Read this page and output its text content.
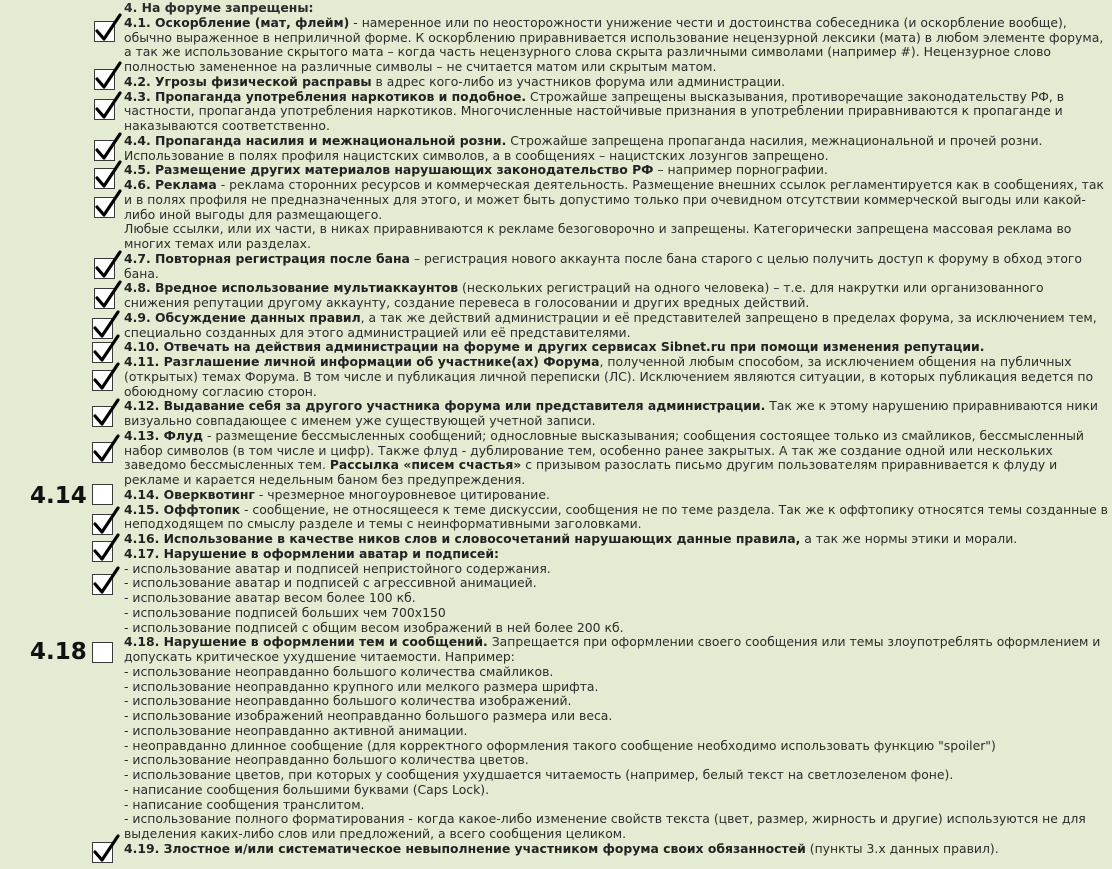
4. На форуме запрещены:

4.1. Оскорбление (мат, флейм) - намеренное или по неосторожности унижение чести и достоинства собеседника (и оскорбление вообще), обычно выраженное в неприличной форме. К оскорблению приравнивается использование нецензурной лексики (мата) в любом элементе форума, а так же использование скрытого мата – когда часть нецензурного слова скрыта различными символами (например #). Нецензурное слово полностью замененное на различные символы – не считается матом или скрытым матом.

4.2. Угрозы физической расправы в адрес кого-либо из участников форума или администрации.

4.3. Пропаганда употребления наркотиков и подобное. Строжайше запрещены высказывания, противоречащие законодательству РФ, в частности, пропаганда употребления наркотиков. Многочисленные настойчивые признания в употреблении приравниваются к пропаганде и наказываются соответственно.

4.4. Пропаганда насилия и межнациональной розни. Строжайше запрещена пропаганда насилия, межнациональной и прочей розни. Использование в полях профиля нацистских символов, а в сообщениях – нацистских лозунгов запрещено.

4.5. Размещение других материалов нарушающих законодательство РФ – например порнографии.

4.6. Реклама - реклама сторонних ресурсов и коммерческая деятельность. Размещение внешних ссылок регламентируется как в сообщениях, так и в полях профиля не предназначенных для этого, и может быть допустимо только при очевидном отсутствии коммерческой выгоды или какой-либо иной выгоды для размещающего.
Любые ссылки, или их части, в никах приравниваются к рекламе безоговорочно и запрещены. Категорически запрещена массовая реклама во многих темах или разделах.

4.7. Повторная регистрация после бана – регистрация нового аккаунта после бана старого с целью получить доступ к форуму в обход этого бана.

4.8. Вредное использование мультиаккаунтов (нескольких регистраций на одного человека) – т.е. для накрутки или организованного снижения репутации другому аккаунту, создание перевеса в голосовании и других вредных действий.

4.9. Обсуждение данных правил, а так же действий администрации и её представителей запрещено в пределах форума, за исключением тем, специально созданных для этого администрацией или её представителями.

4.10. Отвечать на действия администрации на форуме и других сервисах Sibnet.ru при помощи изменения репутации.

4.11. Разглашение личной информации об участнике(ах) Форума, полученной любым способом, за исключением общения на публичных (открытых) темах Форума. В том числе и публикация личной переписки (ЛС). Исключением являются ситуации, в которых публикация ведется по обоюдному согласию сторон.

4.12. Выдавание себя за другого участника форума или представителя администрации. Так же к этому нарушению приравниваются ники визуально совпадающее с именем уже существующей учетной записи.

4.13. Флуд - размещение бессмысленных сообщений; однословные высказывания; сообщения состоящее только из смайликов, бессмысленный набор символов (в том числе и цифр). Также флуд - дублирование тем, особенно ранее закрытых. А так же создание одной или нескольких заведомо бессмысленных тем. Рассылка «писем счастья» с призывом разослать письмо другим пользователям приравнивается к флуду и рекламе и карается недельным баном без предупреждения.

4.14. Оверквотинг - чрезмерное многоуровневое цитирование.

4.15. Оффтопик - сообщение, не относящееся к теме дискуссии, сообщения не по теме раздела. Так же к оффтопику относятся темы созданные в неподходящем по смыслу разделе и темы с неинформативными заголовками.

4.16. Использование в качестве ников слов и словосочетаний нарушающих данные правила, а так же нормы этики и морали.

4.17. Нарушение в оформлении аватар и подписей:

- использование аватар и подписей непристойного содержания.

- использование аватар и подписей с агрессивной анимацией.

- использование аватар весом более 100 кб.

- использование подписей больших чем 700x150

- использование подписей с общим весом изображений в ней более 200 кб.

4.18. Нарушение в оформлении тем и сообщений. Запрещается при оформлении своего сообщения или темы злоупотреблять оформлением и допускать критическое ухудшение читаемости. Например:

- использование неоправданно большого количества смайликов.

- использование неоправданно крупного или мелкого размера шрифта.

- использование неоправданно большого количества изображений.

- использование изображений неоправданно большого размера или веса.

- использование неоправданно активной анимации.

- неоправданно длинное сообщение (для корректного оформления такого сообщение необходимо использовать функцию "spoiler")

- использование неоправданно большого количества цветов.

- использование цветов, при которых у сообщения ухудшается читаемость (например, белый текст на светлозеленом фоне).

- написание сообщения большими буквами (Caps Lock).

- написание сообщения транслитом.

- использование полного форматирования - когда какое-либо изменение свойств текста (цвет, размер, жирность и другие) используются не для выделения каких-либо слов или предложений, а всего сообщения целиком.

4.19. Злостное и/или систематическое невыполнение участником форума своих обязанностей (пункты 3.x данных правил).

4.14
4.18
